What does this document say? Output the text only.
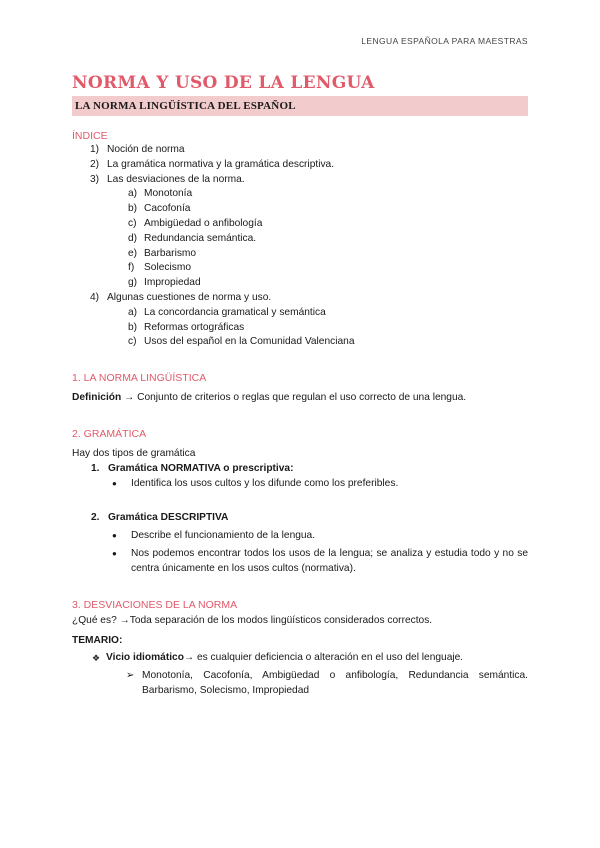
LENGUA ESPAÑOLA PARA MAESTRAS
NORMA Y USO DE LA LENGUA
LA NORMA LINGÜÍSTICA DEL ESPAÑOL
ÍNDICE
1) Noción de norma
2) La gramática normativa y la gramática descriptiva.
3) Las desviaciones de la norma.
a) Monotonía
b) Cacofonía
c) Ambigüedad o anfibología
d) Redundancia semántica.
e) Barbarismo
f) Solecismo
g) Impropiedad
4) Algunas cuestiones de norma y uso.
a) La concordancia gramatical y semántica
b) Reformas ortográficas
c) Usos del español en la Comunidad Valenciana
1. LA NORMA LINGÜÍSTICA
Definición → Conjunto de criterios o reglas que regulan el uso correcto de una lengua.
2. GRAMÁTICA
Hay dos tipos de gramática
1. Gramática NORMATIVA o prescriptiva:
●	Identifica los usos cultos y los difunde como los preferibles.
2. Gramática DESCRIPTIVA
●	Describe el funcionamiento de la lengua.
●	Nos podemos encontrar todos los usos de la lengua; se analiza y estudia todo y no se centra únicamente en los usos cultos (normativa).
3. DESVIACIONES DE LA NORMA
¿Qué es? →Toda separación de los modos lingüísticos considerados correctos.
TEMARIO:
❖ Vicio idiomático→ es cualquier deficiencia o alteración en el uso del lenguaje.
➢ Monotonía, Cacofonía, Ambigüedad o anfibología, Redundancia semántica. Barbarismo, Solecismo, Impropiedad
